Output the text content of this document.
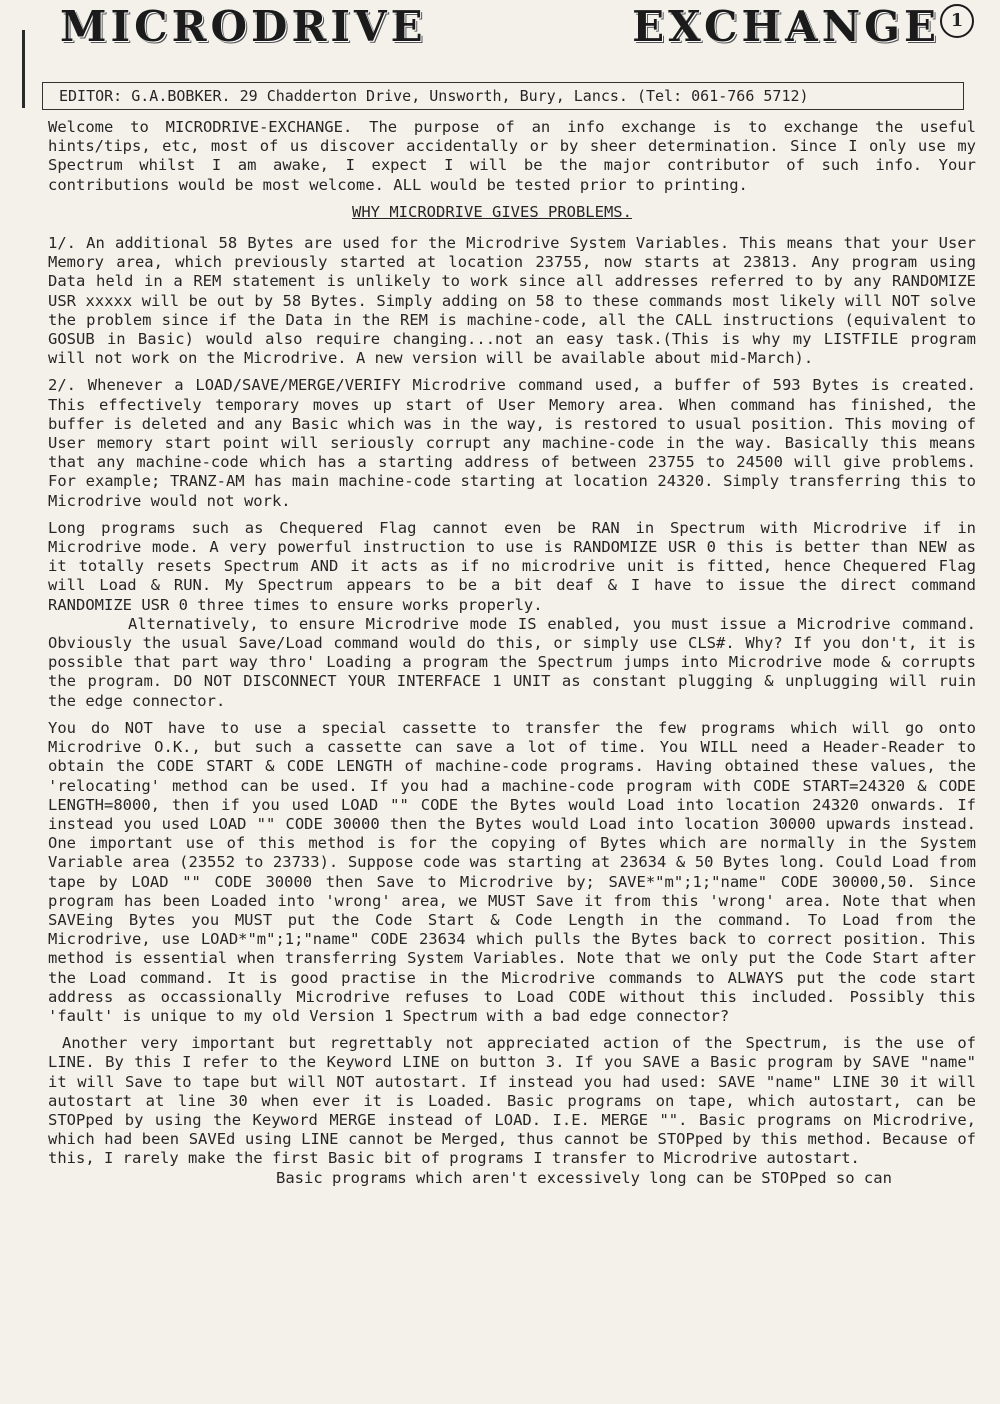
MICRODRIVE	EXCHANGE 1
EDITOR: G.A.BOBKER. 29 Chadderton Drive, Unsworth, Bury, Lancs. (Tel: 061-766 5712)

Welcome to MICRODRIVE-EXCHANGE. The purpose of an info exchange is to exchange the useful hints/tips, etc, most of us discover accidentally or by sheer determination. Since I only use my Spectrum whilst I am awake, I expect I will be the major contributor of such info. Your contributions would be most welcome. ALL would be tested prior to printing.

WHY MICRODRIVE GIVES PROBLEMS.

1/. An additional 58 Bytes are used for the Microdrive System Variables. This means that your User Memory area, which previously started at location 23755, now starts at 23813. Any program using Data held in a REM statement is unlikely to work since all addresses referred to by any RANDOMIZE USR xxxxx will be out by 58 Bytes. Simply adding on 58 to these commands most likely will NOT solve the problem since if the Data in the REM is machine-code, all the CALL instructions (equivalent to GOSUB in Basic) would also require changing...not an easy task.(This is why my LISTFILE program will not work on the Microdrive. A new version will be available about mid-March).

2/. Whenever a LOAD/SAVE/MERGE/VERIFY Microdrive command used, a buffer of 593 Bytes is created. This effectively temporary moves up start of User Memory area. When command has finished, the buffer is deleted and any Basic which was in the way, is restored to usual position. This moving of User memory start point will seriously corrupt any machine-code in the way. Basically this means that any machine-code which has a starting address of between 23755 to 24500 will give problems. For example; TRANZ-AM has main machine-code starting at location 24320. Simply transferring this to Microdrive would not work.

Long programs such as Chequered Flag cannot even be RAN in Spectrum with Microdrive if in Microdrive mode. A very powerful instruction to use is RANDOMIZE USR 0 this is better than NEW as it totally resets Spectrum AND it acts as if no microdrive unit is fitted, hence Chequered Flag will Load & RUN. My Spectrum appears to be a bit deaf & I have to issue the direct command RANDOMIZE USR 0 three times to ensure works properly.

Alternatively, to ensure Microdrive mode IS enabled, you must issue a Microdrive command. Obviously the usual Save/Load command would do this, or simply use CLS#. Why? If you don't, it is possible that part way thro' Loading a program the Spectrum jumps into Microdrive mode & corrupts the program. DO NOT DISCONNECT YOUR INTERFACE 1 UNIT as constant plugging & unplugging will ruin the edge connector.

You do NOT have to use a special cassette to transfer the few programs which will go onto Microdrive O.K., but such a cassette can save a lot of time. You WILL need a Header-Reader to obtain the CODE START & CODE LENGTH of machine-code programs. Having obtained these values, the 'relocating' method can be used. If you had a machine-code program with CODE START=24320 & CODE LENGTH=8000, then if you used LOAD "" CODE the Bytes would Load into location 24320 onwards. If instead you used LOAD "" CODE 30000 then the Bytes would Load into location 30000 upwards instead. One important use of this method is for the copying of Bytes which are normally in the System Variable area (23552 to 23733). Suppose code was starting at 23634 & 50 Bytes long. Could Load from tape by LOAD "" CODE 30000 then Save to Microdrive by; SAVE*"m";1;"name" CODE 30000,50. Since program has been Loaded into 'wrong' area, we MUST Save it from this 'wrong' area. Note that when SAVEing Bytes you MUST put the Code Start & Code Length in the command. To Load from the Microdrive, use LOAD*"m";1;"name" CODE 23634 which pulls the Bytes back to correct position. This method is essential when transferring System Variables. Note that we only put the Code Start after the Load command. It is good practise in the Microdrive commands to ALWAYS put the code start address as occassionally Microdrive refuses to Load CODE without this included. Possibly this 'fault' is unique to my old Version 1 Spectrum with a bad edge connector?

Another very important but regrettably not appreciated action of the Spectrum, is the use of LINE. By this I refer to the Keyword LINE on button 3. If you SAVE a Basic program by SAVE "name" it will Save to tape but will NOT autostart. If instead you had used: SAVE "name" LINE 30 it will autostart at line 30 when ever it is Loaded. Basic programs on tape, which autostart, can be STOPped by using the Keyword MERGE instead of LOAD. I.E. MERGE "". Basic programs on Microdrive, which had been SAVEd using LINE cannot be Merged, thus cannot be STOPped by this method. Because of this, I rarely make the first Basic bit of programs I transfer to Microdrive autostart.

Basic programs which aren't excessively long can be STOPped so can
